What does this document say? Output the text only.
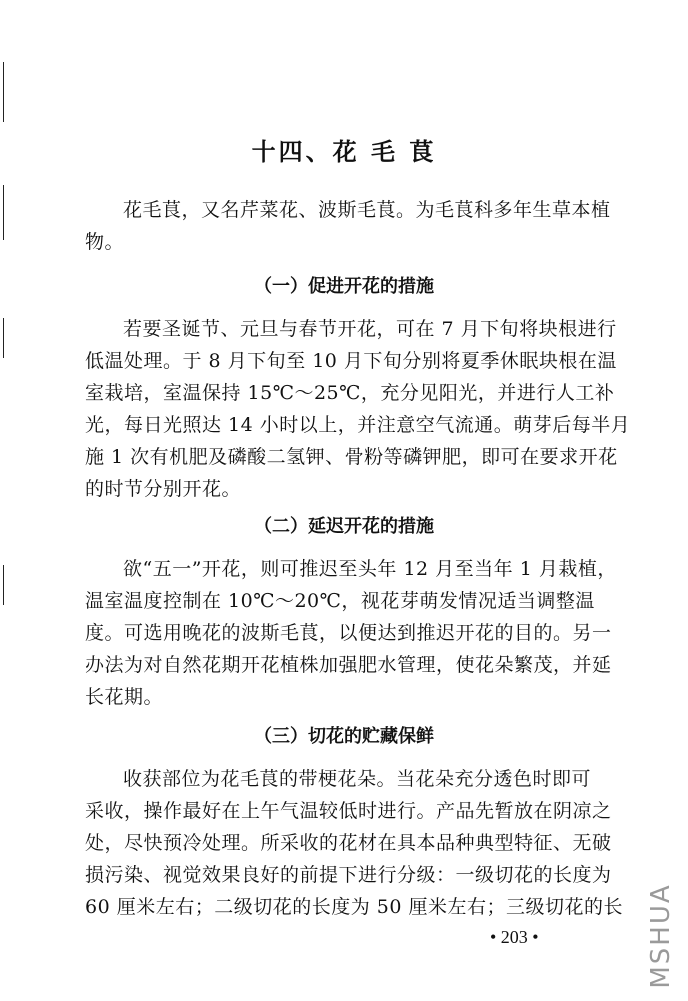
十四、花 毛 茛
花毛茛，又名芹菜花、波斯毛茛。为毛茛科多年生草本植
物。
（一）促进开花的措施
若要圣诞节、元旦与春节开花，可在 7 月下旬将块根进行
低温处理。于 8 月下旬至 10 月下旬分别将夏季休眠块根在温
室栽培，室温保持 15℃～25℃，充分见阳光，并进行人工补
光，每日光照达 14 小时以上，并注意空气流通。萌芽后每半月
施 1 次有机肥及磷酸二氢钾、骨粉等磷钾肥，即可在要求开花
的时节分别开花。
（二）延迟开花的措施
欲“五一”开花，则可推迟至头年 12 月至当年 1 月栽植，
温室温度控制在 10℃～20℃，视花芽萌发情况适当调整温
度。可选用晚花的波斯毛茛，以便达到推迟开花的目的。另一
办法为对自然花期开花植株加强肥水管理，使花朵繁茂，并延
长花期。
（三）切花的贮藏保鲜
收获部位为花毛茛的带梗花朵。当花朵充分透色时即可
采收，操作最好在上午气温较低时进行。产品先暂放在阴凉之
处，尽快预冷处理。所采收的花材在具本品种典型特征、无破
损污染、视觉效果良好的前提下进行分级：一级切花的长度为
60 厘米左右；二级切花的长度为 50 厘米左右；三级切花的长
• 203 •	MSHUA
